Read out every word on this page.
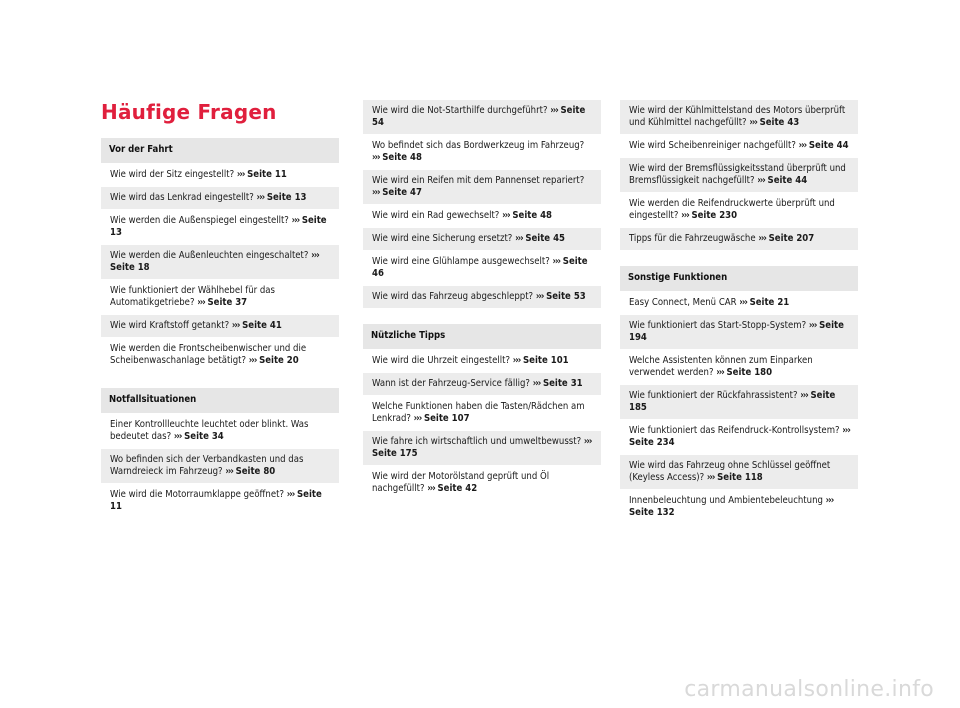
Häufige Fragen
Vor der Fahrt
Wie wird der Sitz eingestellt? ››› Seite 11
Wie wird das Lenkrad eingestellt? ››› Seite 13
Wie werden die Außenspiegel eingestellt? ››› Seite 13
Wie werden die Außenleuchten eingeschaltet? ››› Seite 18
Wie funktioniert der Wählhebel für das Automatikgetriebe? ››› Seite 37
Wie wird Kraftstoff getankt? ››› Seite 41
Wie werden die Frontscheibenwischer und die Scheibenwaschanlage betätigt? ››› Seite 20
Notfallsituationen
Einer Kontrollleuchte leuchtet oder blinkt. Was bedeutet das? ››› Seite 34
Wo befinden sich der Verbandkasten und das Warndreieck im Fahrzeug? ››› Seite 80
Wie wird die Motorraumklappe geöffnet? ››› Seite 11
Wie wird die Not-Starthilfe durchgeführt? ››› Seite 54
Wo befindet sich das Bordwerkzeug im Fahrzeug? ››› Seite 48
Wie wird ein Reifen mit dem Pannenset repariert? ››› Seite 47
Wie wird ein Rad gewechselt? ››› Seite 48
Wie wird eine Sicherung ersetzt? ››› Seite 45
Wie wird eine Glühlampe ausgewechselt? ››› Seite 46
Wie wird das Fahrzeug abgeschleppt? ››› Seite 53
Nützliche Tipps
Wie wird die Uhrzeit eingestellt? ››› Seite 101
Wann ist der Fahrzeug-Service fällig? ››› Seite 31
Welche Funktionen haben die Tasten/Rädchen am Lenkrad? ››› Seite 107
Wie fahre ich wirtschaftlich und umweltbewusst? ››› Seite 175
Wie wird der Motorölstand geprüft und Öl nachgefüllt? ››› Seite 42
Wie wird der Kühlmittelstand des Motors überprüft und Kühlmittel nachgefüllt? ››› Seite 43
Wie wird Scheibenreiniger nachgefüllt? ››› Seite 44
Wie wird der Bremsflüssigkeitsstand überprüft und Bremsflüssigkeit nachgefüllt? ››› Seite 44
Wie werden die Reifendruckwerte überprüft und eingestellt? ››› Seite 230
Tipps für die Fahrzeugwäsche ››› Seite 207
Sonstige Funktionen
Easy Connect, Menü CAR ››› Seite 21
Wie funktioniert das Start-Stopp-System? ››› Seite 194
Welche Assistenten können zum Einparken verwendet werden? ››› Seite 180
Wie funktioniert der Rückfahrassistent? ››› Seite 185
Wie funktioniert das Reifendruck-Kontrollsystem? ››› Seite 234
Wie wird das Fahrzeug ohne Schlüssel geöffnet (Keyless Access)? ››› Seite 118
Innenbeleuchtung und Ambientebeleuchtung ››› Seite 132
carmanualsonline.info
